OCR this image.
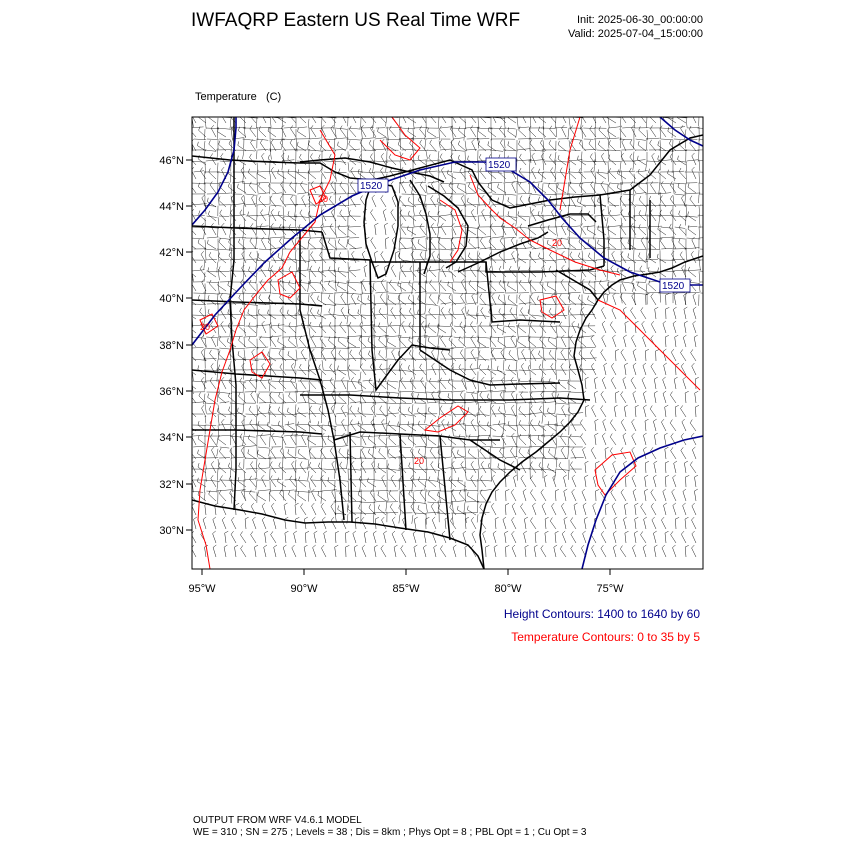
IWFAQRP Eastern US Real Time WRF	Init: 2025-06-30_00:00:00
Valid: 2025-07-04_15:00:00

Temperature (C)

1520
1520
1520
20
20
20
20
46°N
44°N
42°N
40°N
38°N
36°N
34°N
32°N
30°N
95°W	90°W	85°W	80°W	75°W
Height Contours: 1400 to 1640 by 60
Temperature Contours: 0 to 35 by 5
OUTPUT FROM WRF V4.6.1 MODEL
WE = 310 ; SN = 275 ; Levels = 38 ; Dis = 8km ; Phys Opt = 8 ; PBL Opt = 1 ; Cu Opt = 3
